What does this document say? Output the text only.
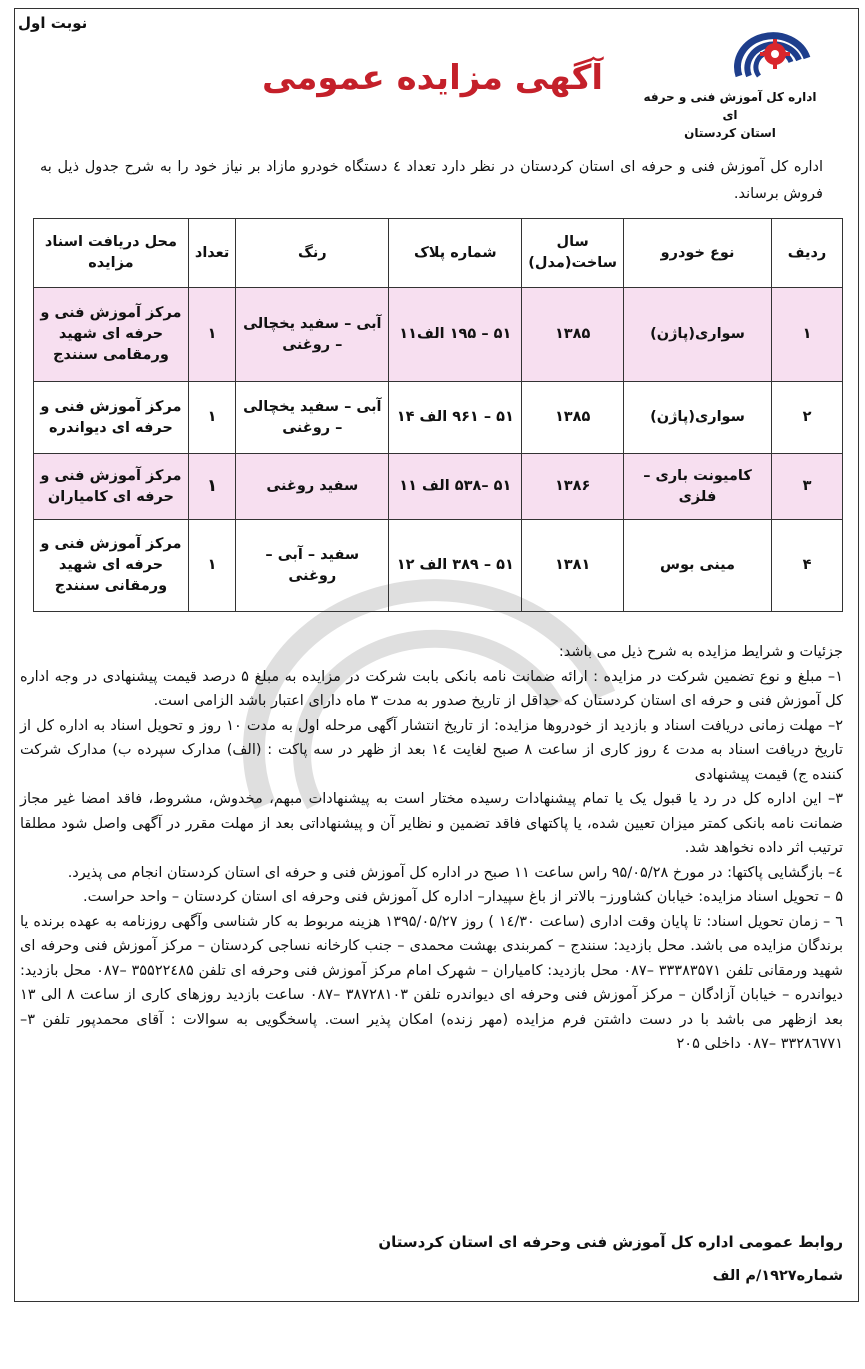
نوبت اول
آگهی مزایده عمومی	اداره کل آموزش فنی و حرفه ای
استان کردستان
اداره کل آموزش فنی و حرفه ای استان کردستان در نظر دارد تعداد ٤ دستگاه خودرو مازاد بر نیاز خود را به شرح جدول ذیل به فروش برساند.
ردیف	نوع خودرو	سال ساخت(مدل)	شماره پلاک	رنگ	تعداد	محل دریافت اسناد مزایده
۱	سواری(پاژن)	۱۳۸۵	۵۱ – ۱۹۵ الف۱۱	آبی – سفید یخچالی – روغنی	۱	مرکز آموزش فنی و حرفه ای شهید ورمقامی سنندج
۲	سواری(پاژن)	۱۳۸۵	۵۱ – ۹۶۱ الف ۱۴	آبی – سفید یخچالی – روغنی	۱	مرکز آموزش فنی و حرفه ای دیواندره
۳	کامیونت باری – فلزی	۱۳۸۶	۵۱ –۵۳۸ الف ۱۱	سفید روغنی	۱	مرکز آموزش فنی و حرفه ای کامیاران
۴	مینی بوس	۱۳۸۱	۵۱ – ۳۸۹ الف ۱۲	سفید – آبی – روغنی	۱	مرکز آموزش فنی و حرفه ای شهید ورمقانی سنندج

جزئیات و شرایط مزایده به شرح ذیل می باشد:

۱– مبلغ و نوع تضمین شرکت در مزایده : ارائه ضمانت نامه بانکی بابت شرکت در مزایده به مبلغ ۵ درصد قیمت پیشنهادی در وجه اداره کل آموزش فنی و حرفه ای استان کردستان که حداقل از تاریخ صدور به مدت ۳ ماه دارای اعتبار باشد الزامی است.

۲– مهلت زمانی دریافت اسناد و بازدید از خودروها مزایده: از تاریخ انتشار آگهی مرحله اول به مدت ۱۰ روز و تحویل اسناد به اداره کل از تاریخ دریافت اسناد به مدت ٤ روز کاری از ساعت ۸ صبح لغایت ١٤ بعد از ظهر در سه پاکت : (الف) مدارک سپرده ب) مدارک شرکت کننده ج) قیمت پیشنهادی

۳– این اداره کل در رد یا قبول یک یا تمام پیشنهادات رسیده مختار است به پیشنهادات مبهم، مخدوش، مشروط، فاقد امضا غیر مجاز ضمانت نامه بانکی کمتر میزان تعیین شده، یا پاکتهای فاقد تضمین و نظایر آن و پیشنهاداتی بعد از مهلت مقرر در آگهی واصل شود مطلقا ترتیب اثر داده نخواهد شد.

٤– بازگشایی پاکتها: در مورخ ۹۵/۰۵/۲۸ راس ساعت ۱۱ صبح در اداره کل آموزش فنی و حرفه ای استان کردستان انجام می پذیرد.

۵ – تحویل اسناد مزایده: خیابان کشاورز– بالاتر از باغ سپیدار– اداره کل آموزش فنی وحرفه ای استان کردستان – واحد حراست.

٦ – زمان تحویل اسناد: تا پایان وقت اداری (ساعت ۱٤/۳۰ ) روز ۱۳۹۵/۰۵/۲۷ هزینه مربوط به کار شناسی وآگهی روزنامه به عهده برنده یا برندگان مزایده می باشد. محل بازدید: سنندج – کمربندی بهشت محمدی – جنب کارخانه نساجی کردستان – مرکز آموزش فنی وحرفه ای شهید ورمقانی تلفن ۳۳۳۸۳۵۷۱ –۰۸۷ محل بازدید: کامیاران – شهرک امام مرکز آموزش فنی وحرفه ای تلفن ۳۵۵۲۲٤۸۵ –۰۸۷ محل بازدید: دیواندره – خیابان آزادگان – مرکز آموزش فنی وحرفه ای دیواندره تلفن ۳۸۷۲۸۱۰۳ –۰۸۷ ساعت بازدید روزهای کاری از ساعت ۸ الی ۱۳ بعد ازظهر می باشد با در دست داشتن فرم مزایده (مهر زنده) امکان پذیر است. پاسخگویی به سوالات : آقای محمدپور تلفن ۳– ۳۳۲۸٦۷۷۱ –۰۸۷ داخلی ۲۰۵

روابط عمومی اداره کل آموزش فنی وحرفه ای استان کردستان
شماره۱۹۲۷/م الف
